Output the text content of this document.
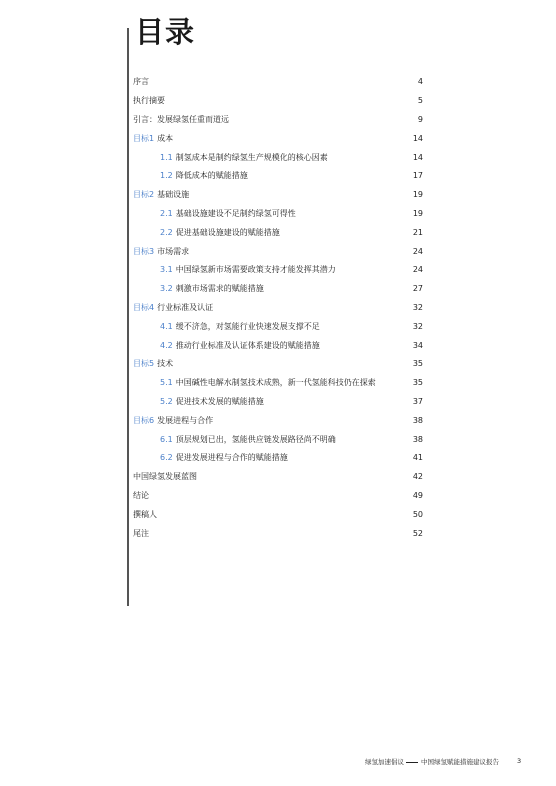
目录
序言	4
执行摘要	5
引言：发展绿氢任重而道远	9
目标1 成本	14
1.1 制氢成本是制约绿氢生产规模化的核心因素	14
1.2 降低成本的赋能措施	17
目标2 基础设施	19
2.1 基础设施建设不足制约绿氢可得性	19
2.2 促进基础设施建设的赋能措施	21
目标3 市场需求	24
3.1 中国绿氢新市场需要政策支持才能发挥其潜力	24
3.2 刺激市场需求的赋能措施	27
目标4 行业标准及认证	32
4.1 缓不济急，对氢能行业快速发展支撑不足	32
4.2 推动行业标准及认证体系建设的赋能措施	34
目标5 技术	35
5.1 中国碱性电解水制氢技术成熟，新一代氢能科技仍在探索	35
5.2 促进技术发展的赋能措施	37
目标6 发展进程与合作	38
6.1 顶层规划已出，氢能供应链发展路径尚不明确	38
6.2 促进发展进程与合作的赋能措施	41
中国绿氢发展蓝图	42
结论	49
撰稿人	50
尾注	52
绿氢加速倡议	中国绿氢赋能措施建议报告	3
